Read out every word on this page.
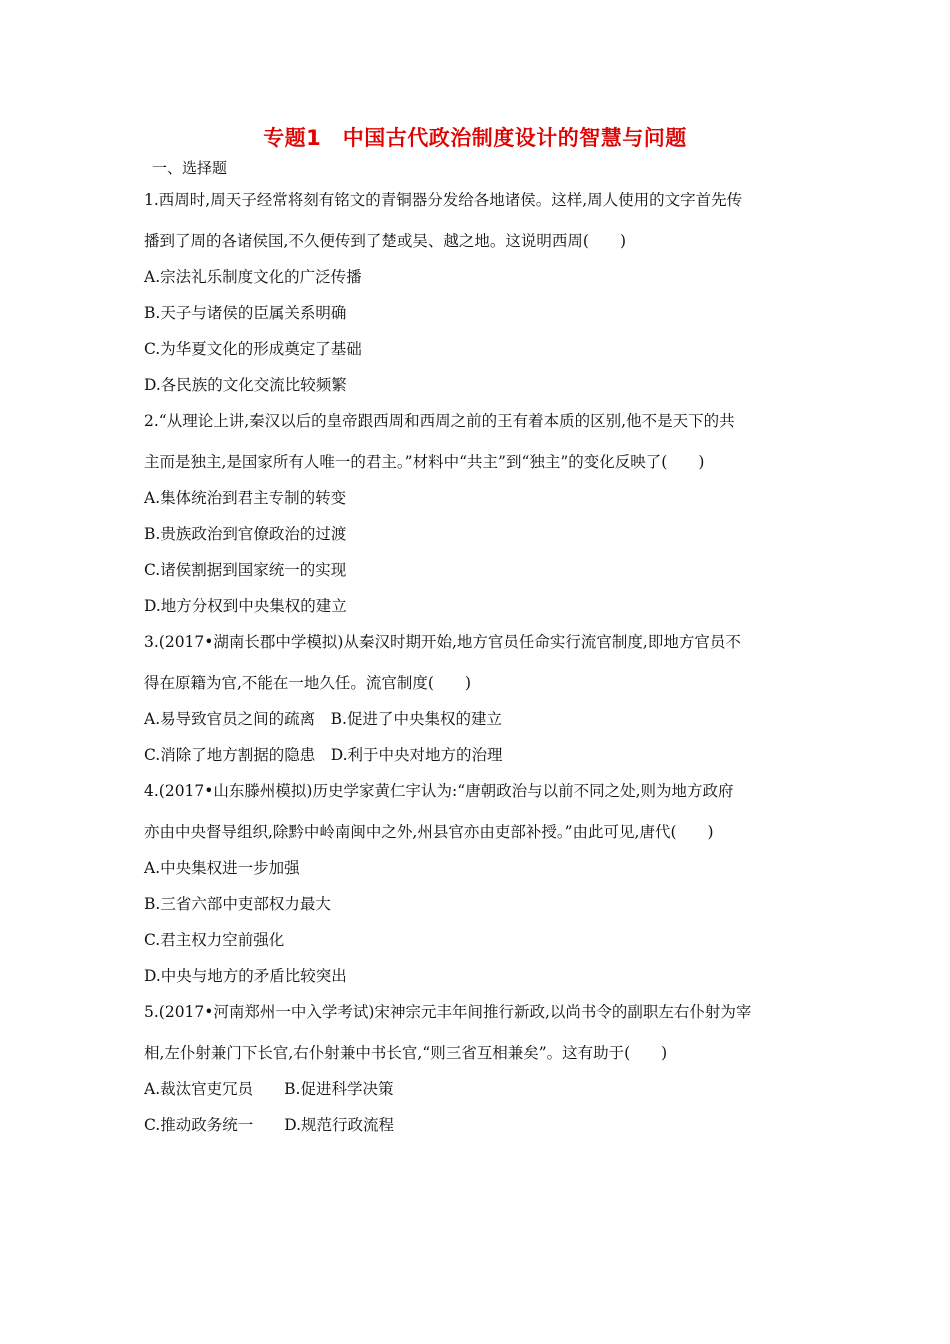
专题1　中国古代政治制度设计的智慧与问题
一、选择题
1.西周时,周天子经常将刻有铭文的青铜器分发给各地诸侯。这样,周人使用的文字首先传
播到了周的各诸侯国,不久便传到了楚或吴、越之地。这说明西周(　　)
A.宗法礼乐制度文化的广泛传播
B.天子与诸侯的臣属关系明确
C.为华夏文化的形成奠定了基础
D.各民族的文化交流比较频繁
2.“从理论上讲,秦汉以后的皇帝跟西周和西周之前的王有着本质的区别,他不是天下的共
主而是独主,是国家所有人唯一的君主。”材料中“共主”到“独主”的变化反映了(　　)
A.集体统治到君主专制的转变
B.贵族政治到官僚政治的过渡
C.诸侯割据到国家统一的实现
D.地方分权到中央集权的建立
3.(2017•湖南长郡中学模拟)从秦汉时期开始,地方官员任命实行流官制度,即地方官员不
得在原籍为官,不能在一地久任。流官制度(　　)
A.易导致官员之间的疏离　B.促进了中央集权的建立
C.消除了地方割据的隐患　D.利于中央对地方的治理
4.(2017•山东滕州模拟)历史学家黄仁宇认为:“唐朝政治与以前不同之处,则为地方政府
亦由中央督导组织,除黔中岭南闽中之外,州县官亦由吏部补授。”由此可见,唐代(　　)
A.中央集权进一步加强
B.三省六部中吏部权力最大
C.君主权力空前强化
D.中央与地方的矛盾比较突出
5.(2017•河南郑州一中入学考试)宋神宗元丰年间推行新政,以尚书令的副职左右仆射为宰
相,左仆射兼门下长官,右仆射兼中书长官,“则三省互相兼矣”。这有助于(　　)
A.裁汰官吏冗员　　B.促进科学决策
C.推动政务统一　　D.规范行政流程
